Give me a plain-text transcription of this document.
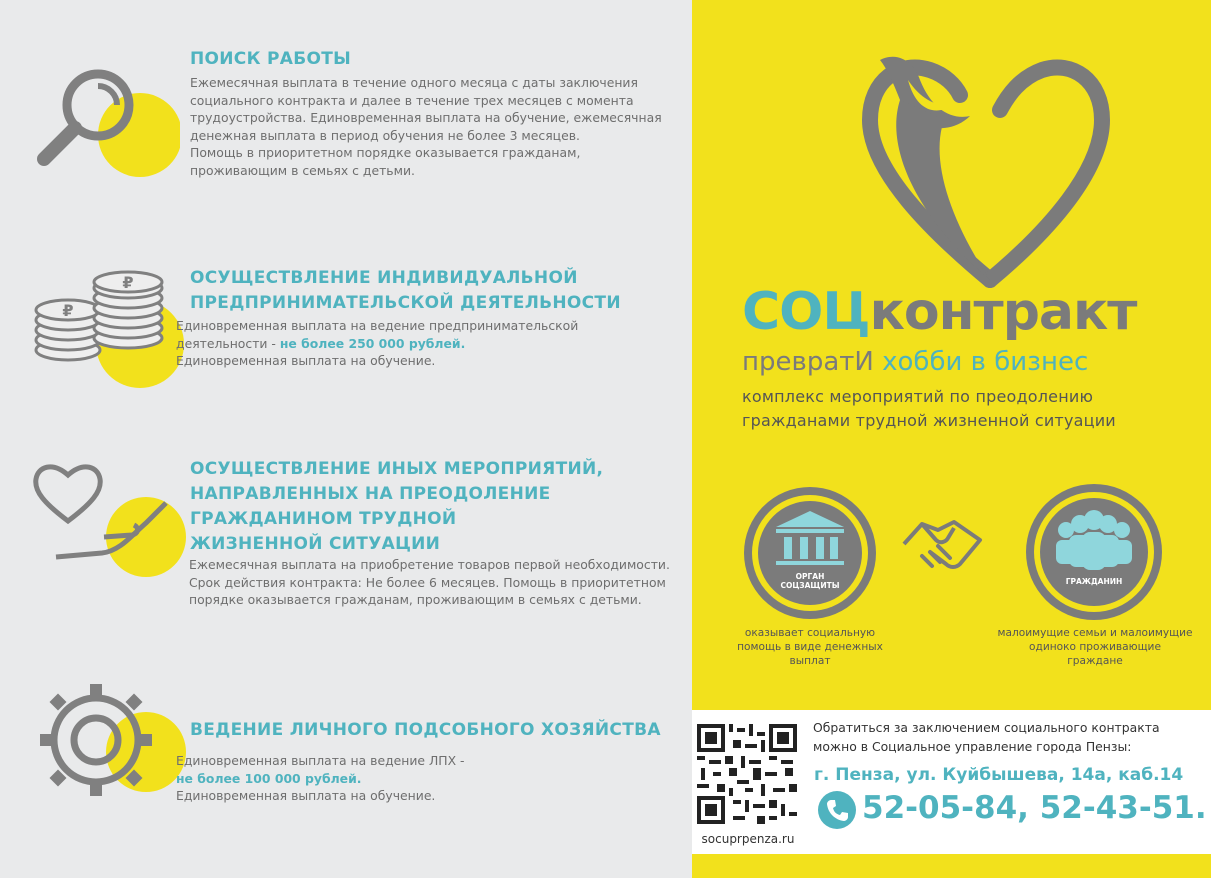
ПОИСК РАБОТЫ

Ежемесячная выплата в течение одного месяца с даты заключения

социального контракта и далее в течение трех месяцев с момента

трудоустройства. Единовременная выплата на обучение, ежемесячная

денежная выплата в период обучения не более 3 месяцев.

Помощь в приоритетном порядке оказывается гражданам,

проживающим в семьях с детьми.

₽
₽
ОСУЩЕСТВЛЕНИЕ ИНДИВИДУАЛЬНОЙ
ПРЕДПРИНИМАТЕЛЬСКОЙ ДЕЯТЕЛЬНОСТИ

Единовременная выплата на ведение предпринимательской

деятельности - не более 250 000 рублей.

Единовременная выплата на обучение.

ОСУЩЕСТВЛЕНИЕ ИНЫХ МЕРОПРИЯТИЙ,
НАПРАВЛЕННЫХ НА ПРЕОДОЛЕНИЕ
ГРАЖДАНИНОМ ТРУДНОЙ
ЖИЗНЕННОЙ СИТУАЦИИ

Ежемесячная выплата на приобретение товаров первой необходимости.

Срок действия контракта: Не более 6 месяцев. Помощь в приоритетном

порядке оказывается гражданам, проживающим в семьях с детьми.

ВЕДЕНИЕ ЛИЧНОГО ПОДСОБНОГО ХОЗЯЙСТВА

Единовременная выплата на ведение ЛПХ -

не более 100 000 рублей.

Единовременная выплата на обучение.

СОЦконтракт
превратИ хобби в бизнес
комплекс мероприятий по преодолению
гражданами трудной жизненной ситуации
ОРГАН
СОЦЗАЩИТЫ
оказывает социальную
помощь в виде денежных
выплат
ГРАЖДАНИН
малоимущие семьи и малоимущие
одиноко проживающие
граждане
socuprpenza.ru
Обратиться за заключением социального контракта
можно в Социальное управление города Пензы:
г. Пенза, ул. Куйбышева, 14а, каб.14
52-05-84, 52-43-51.
